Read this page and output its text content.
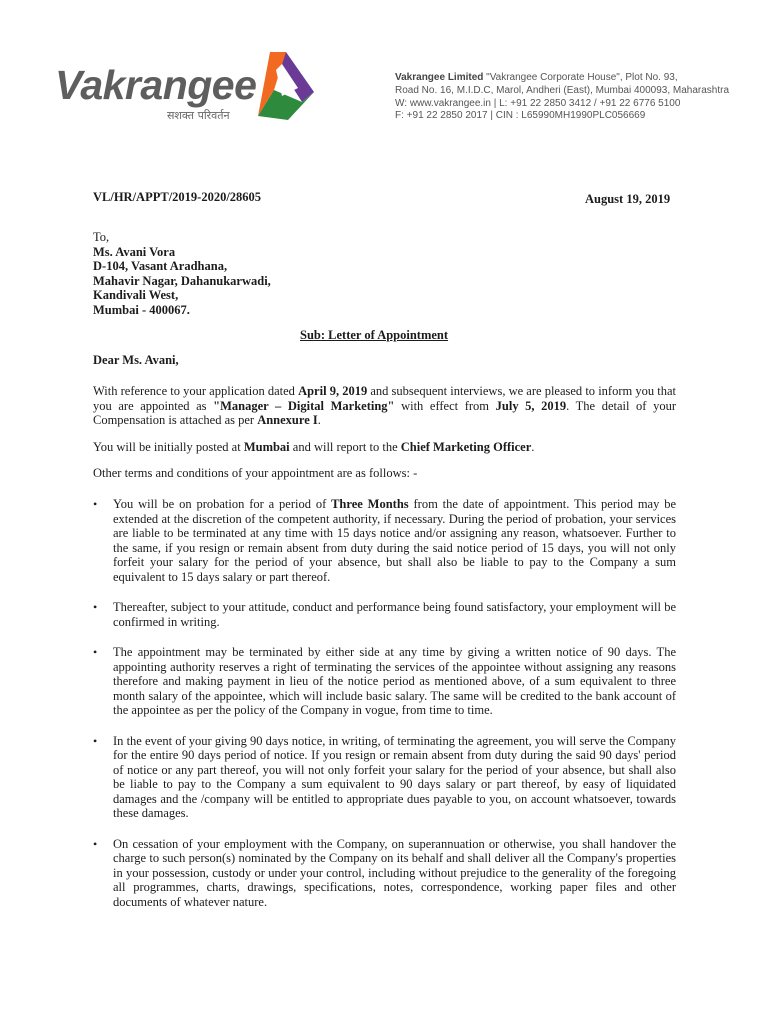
Vakrangee
सशक्त परिवर्तन
Vakrangee Limited "Vakrangee Corporate House", Plot No. 93,
Road No. 16, M.I.D.C, Marol, Andheri (East), Mumbai 400093, Maharashtra
W: www.vakrangee.in | L: +91 22 2850 3412 / +91 22 6776 5100
F: +91 22 2850 2017 | CIN : L65990MH1990PLC056669
VL/HR/APPT/2019-2020/28605	August 19, 2019
To,
Ms. Avani Vora
D-104, Vasant Aradhana,
Mahavir Nagar, Dahanukarwadi,
Kandivali West,
Mumbai - 400067.
Sub: Letter of Appointment
Dear Ms. Avani,
With reference to your application dated April 9, 2019 and subsequent interviews, we are pleased to inform you that you are appointed as "Manager – Digital Marketing" with effect from July 5, 2019. The detail of your Compensation is attached as per Annexure I.
You will be initially posted at Mumbai and will report to the Chief Marketing Officer.
Other terms and conditions of your appointment are as follows: -
• You will be on probation for a period of Three Months from the date of appointment. This period may be extended at the discretion of the competent authority, if necessary. During the period of probation, your services are liable to be terminated at any time with 15 days notice and/or assigning any reason, whatsoever. Further to the same, if you resign or remain absent from duty during the said notice period of 15 days, you will not only forfeit your salary for the period of your absence, but shall also be liable to pay to the Company a sum equivalent to 15 days salary or part thereof.
• Thereafter, subject to your attitude, conduct and performance being found satisfactory, your employment will be confirmed in writing.
• The appointment may be terminated by either side at any time by giving a written notice of 90 days. The appointing authority reserves a right of terminating the services of the appointee without assigning any reasons therefore and making payment in lieu of the notice period as mentioned above, of a sum equivalent to three month salary of the appointee, which will include basic salary. The same will be credited to the bank account of the appointee as per the policy of the Company in vogue, from time to time.
• In the event of your giving 90 days notice, in writing, of terminating the agreement, you will serve the Company for the entire 90 days period of notice. If you resign or remain absent from duty during the said 90 days' period of notice or any part thereof, you will not only forfeit your salary for the period of your absence, but shall also be liable to pay to the Company a sum equivalent to 90 days salary or part thereof, by easy of liquidated damages and the /company will be entitled to appropriate dues payable to you, on account whatsoever, towards these damages.
• On cessation of your employment with the Company, on superannuation or otherwise, you shall handover the charge to such person(s) nominated by the Company on its behalf and shall deliver all the Company's properties in your possession, custody or under your control, including without prejudice to the generality of the foregoing all programmes, charts, drawings, specifications, notes, correspondence, working paper files and other documents of whatever nature.
